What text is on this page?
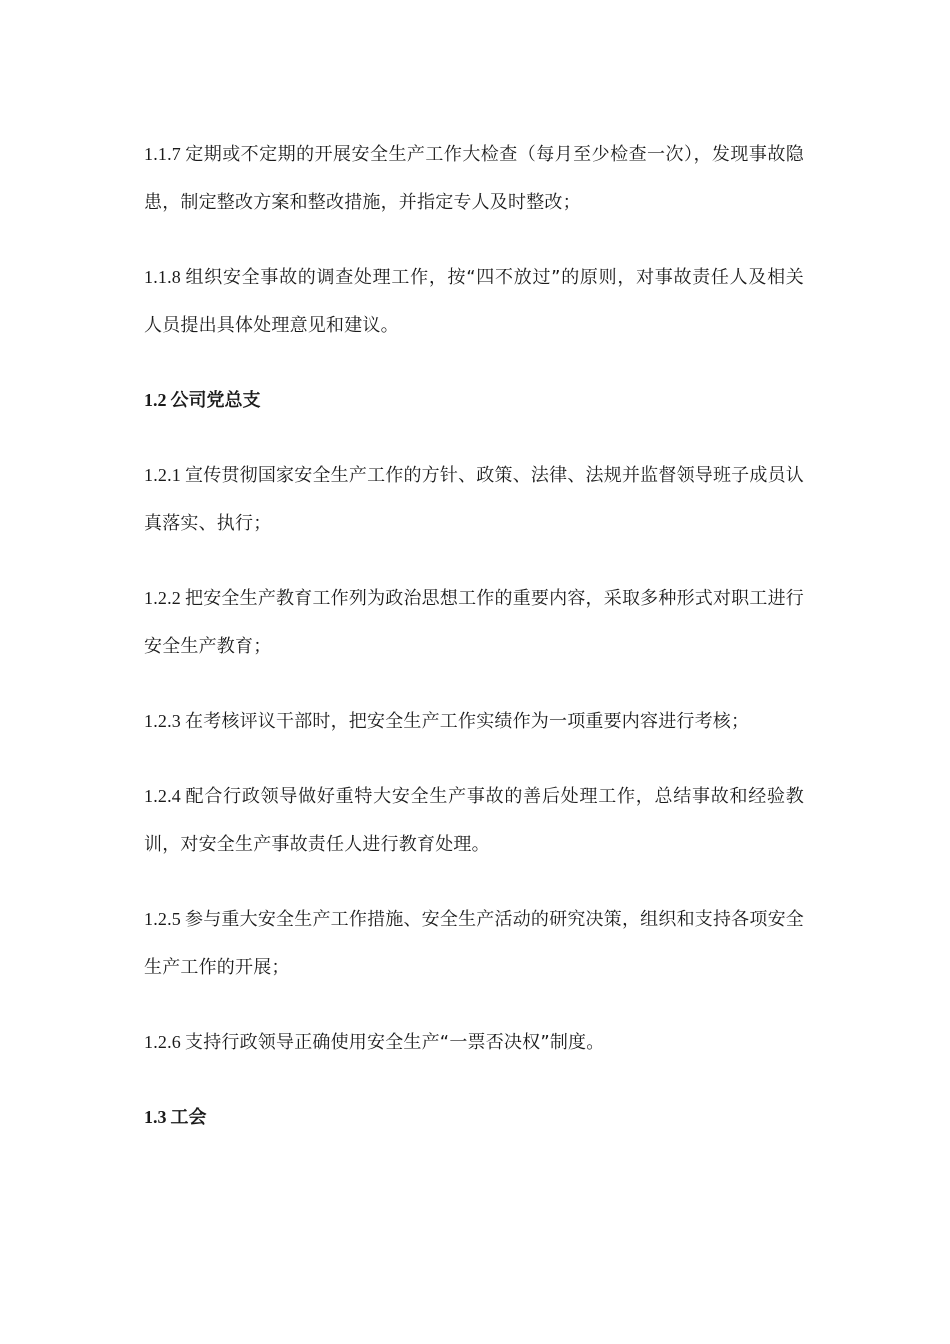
1.1.7 定期或不定期的开展安全生产工作大检查（每月至少检查一次），发现事故隐患，制定整改方案和整改措施，并指定专人及时整改；

1.1.8 组织安全事故的调查处理工作，按“四不放过”的原则，对事故责任人及相关人员提出具体处理意见和建议。

1.2 公司党总支

1.2.1 宣传贯彻国家安全生产工作的方针、政策、法律、法规并监督领导班子成员认真落实、执行；

1.2.2 把安全生产教育工作列为政治思想工作的重要内容，采取多种形式对职工进行安全生产教育；

1.2.3 在考核评议干部时，把安全生产工作实绩作为一项重要内容进行考核；

1.2.4 配合行政领导做好重特大安全生产事故的善后处理工作，总结事故和经验教训，对安全生产事故责任人进行教育处理。

1.2.5 参与重大安全生产工作措施、安全生产活动的研究决策，组织和支持各项安全生产工作的开展；

1.2.6 支持行政领导正确使用安全生产“一票否决权”制度。

1.3 工会
